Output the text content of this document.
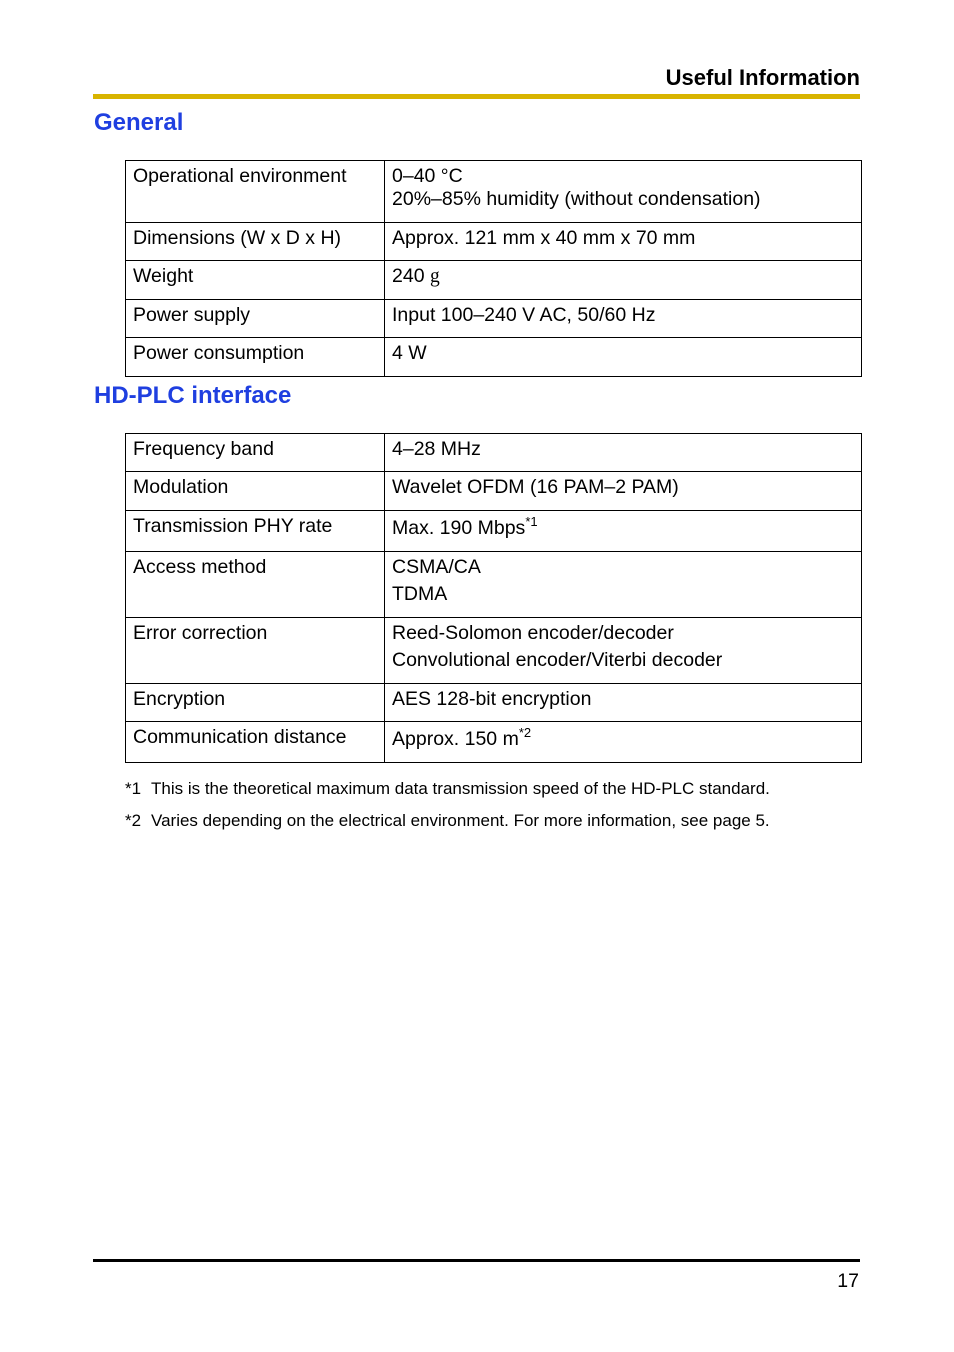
Useful Information
General
Operational environment	0–40 °C
20%–85% humidity (without condensation)

Dimensions (W x D x H)	Approx. 121 mm x 40 mm x 70 mm

Weight	240 g
Power supply	Input 100–240 V AC, 50/60 Hz

Power consumption	4 W
HD-PLC interface
Frequency band	4–28 MHz

Modulation	Wavelet OFDM (16 PAM–2 PAM)

Transmission PHY rate	Max. 190 Mbps$^{*1}$
Access method	CSMA/CA
TDMA

Error correction	Reed-Solomon encoder/decoder
Convolutional encoder/Viterbi decoder

Encryption	AES 128-bit encryption

Communication distance	Approx. 150 $m^{*2}$
*1 This is the theoretical maximum data transmission speed of the HD-PLC standard.
*2 Varies depending on the electrical environment. For more information, see page 5.
17
